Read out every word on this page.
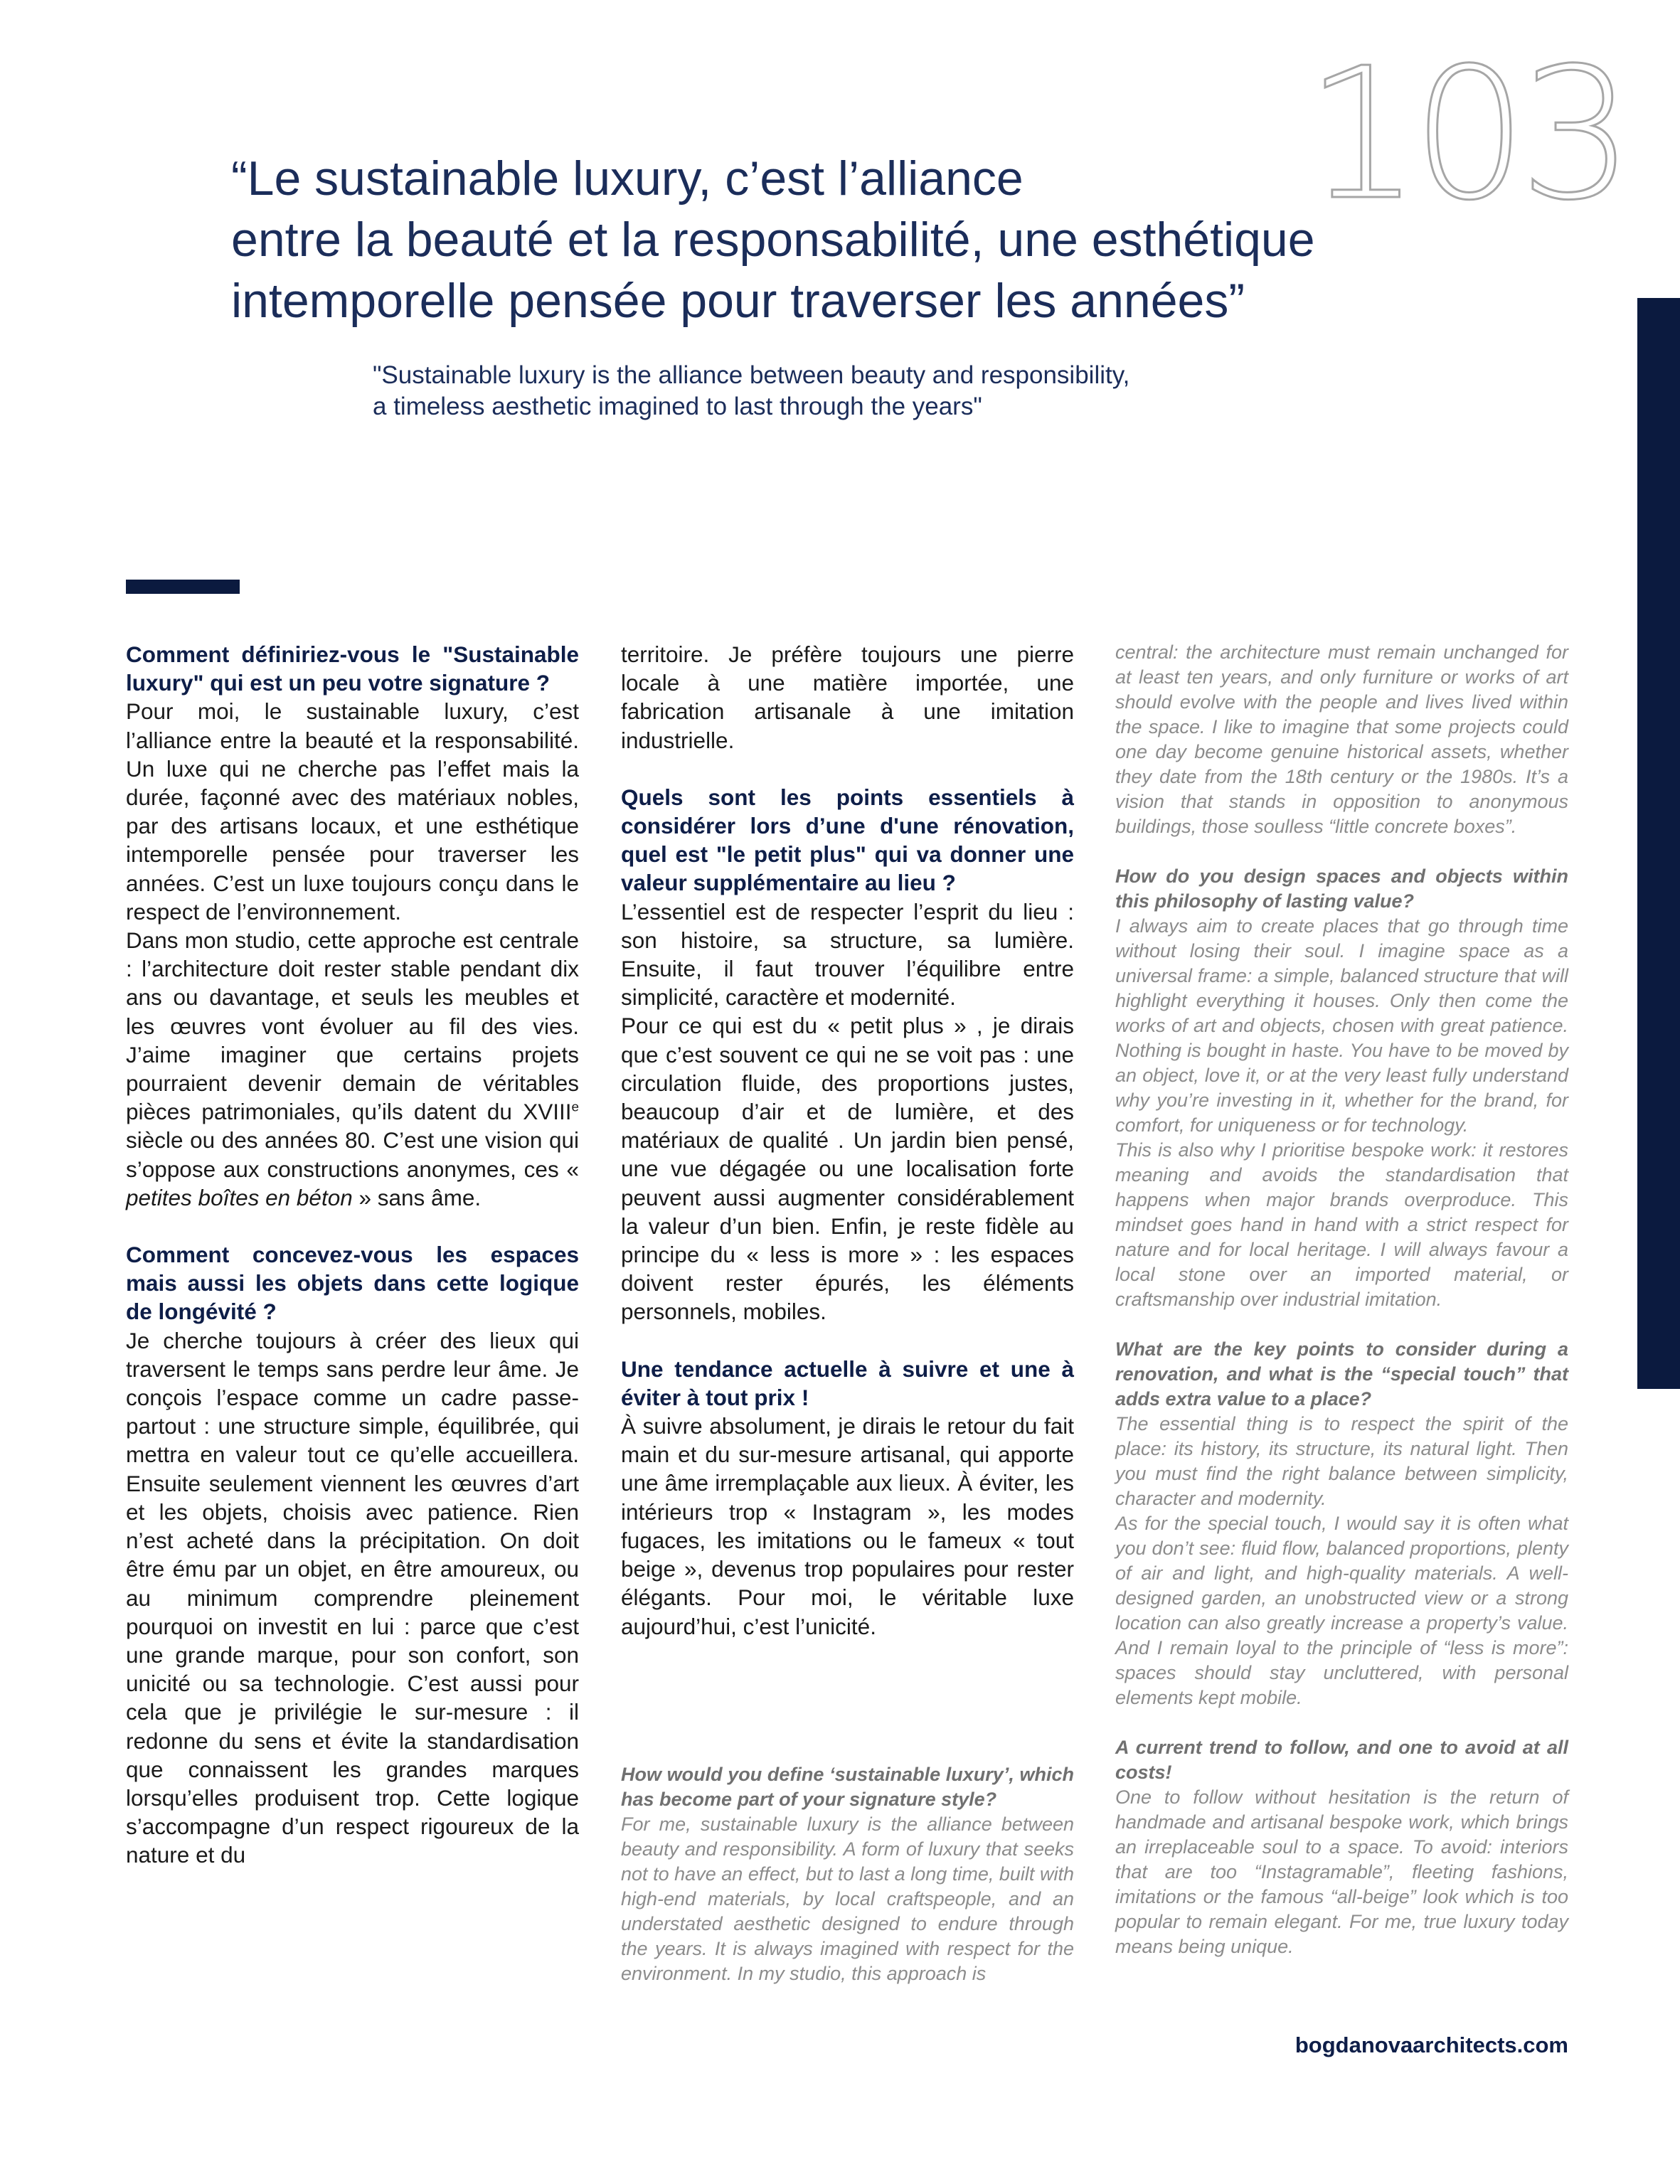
103
“Le sustainable luxury, c’est l’alliance
entre la beauté et la responsabilité, une esthétique
intemporelle pensée pour traverser les années”
"Sustainable luxury is the alliance between beauty and responsibility,
a timeless aesthetic imagined to last through the years"
Comment définiriez-vous le "Sustainable luxury" qui est un peu votre signature ?

Pour moi, le sustainable luxury, c’est l’alliance entre la beauté et la responsabilité. Un luxe qui ne cherche pas l’effet mais la durée, façonné avec des matériaux nobles, par des artisans locaux, et une esthétique intemporelle pensée pour traverser les années. C’est un luxe toujours conçu dans le respect de l’environnement.

Dans mon studio, cette approche est centrale : l’architecture doit rester stable pendant dix ans ou davantage, et seuls les meubles et les œuvres vont évoluer au fil des vies. J’aime imaginer que certains projets pourraient devenir demain de véritables pièces patrimoniales, qu’ils datent du XVIIIe siècle ou des années 80. C’est une vision qui s’oppose aux constructions anonymes, ces « petites boîtes en béton » sans âme.

Comment concevez-vous les espaces mais aussi les objets dans cette logique de longévité ?

Je cherche toujours à créer des lieux qui traversent le temps sans perdre leur âme. Je conçois l’espace comme un cadre passe-partout : une structure simple, équilibrée, qui mettra en valeur tout ce qu’elle accueillera. Ensuite seulement viennent les œuvres d’art et les objets, choisis avec patience. Rien n’est acheté dans la précipitation. On doit être ému par un objet, en être amoureux, ou au minimum comprendre pleinement pourquoi on investit en lui : parce que c’est une grande marque, pour son confort, son unicité ou sa technologie. C’est aussi pour cela que je privilégie le sur-mesure : il redonne du sens et évite la standardisation que connaissent les grandes marques lorsqu’elles produisent trop. Cette logique s’accompagne d’un respect rigoureux de la nature et du

territoire. Je préfère toujours une pierre locale à une matière importée, une fabrication artisanale à une imitation industrielle.

Quels sont les points essentiels à considérer lors d’une d'une rénovation, quel est "le petit plus" qui va donner une valeur supplémentaire au lieu ?

L’essentiel est de respecter l’esprit du lieu : son histoire, sa structure, sa lumière. Ensuite, il faut trouver l’équilibre entre simplicité, caractère et modernité.

Pour ce qui est du « petit plus » , je dirais que c’est souvent ce qui ne se voit pas : une circulation fluide, des proportions justes, beaucoup d’air et de lumière, et des matériaux de qualité . Un jardin bien pensé, une vue dégagée ou une localisation forte peuvent aussi augmenter considérablement la valeur d’un bien. Enfin, je reste fidèle au principe du « less is more » : les espaces doivent rester épurés, les éléments personnels, mobiles.

Une tendance actuelle à suivre et une à éviter à tout prix !

À suivre absolument, je dirais le retour du fait main et du sur-mesure artisanal, qui apporte une âme irremplaçable aux lieux. À éviter, les intérieurs trop « Instagram », les modes fugaces, les imitations ou le fameux « tout beige », devenus trop populaires pour rester élégants. Pour moi, le véritable luxe aujourd’hui, c’est l’unicité.

How would you define ‘sustainable luxury’, which has become part of your signature style?

For me, sustainable luxury is the alliance between beauty and responsibility. A form of luxury that seeks not to have an effect, but to last a long time, built with high-end materials, by local craftspeople, and an understated aesthetic designed to endure through the years. It is always imagined with respect for the environment. In my studio, this approach is

central: the architecture must remain unchanged for at least ten years, and only furniture or works of art should evolve with the people and lives lived within the space. I like to imagine that some projects could one day become genuine historical assets, whether they date from the 18th century or the 1980s. It’s a vision that stands in opposition to anonymous buildings, those soulless “little concrete boxes”.

How do you design spaces and objects within this philosophy of lasting value?

I always aim to create places that go through time without losing their soul. I imagine space as a universal frame: a simple, balanced structure that will highlight everything it houses. Only then come the works of art and objects, chosen with great patience. Nothing is bought in haste. You have to be moved by an object, love it, or at the very least fully understand why you’re investing in it, whether for the brand, for comfort, for uniqueness or for technology.

This is also why I prioritise bespoke work: it restores meaning and avoids the standardisation that happens when major brands overproduce. This mindset goes hand in hand with a strict respect for nature and for local heritage. I will always favour a local stone over an imported material, or craftsmanship over industrial imitation.

What are the key points to consider during a renovation, and what is the “special touch” that adds extra value to a place?

The essential thing is to respect the spirit of the place: its history, its structure, its natural light. Then you must find the right balance between simplicity, character and modernity.

As for the special touch, I would say it is often what you don’t see: fluid flow, balanced proportions, plenty of air and light, and high-quality materials. A well-designed garden, an unobstructed view or a strong location can also greatly increase a property’s value. And I remain loyal to the principle of “less is more”: spaces should stay uncluttered, with personal elements kept mobile.

A current trend to follow, and one to avoid at all costs!

One to follow without hesitation is the return of handmade and artisanal bespoke work, which brings an irreplaceable soul to a space. To avoid: interiors that are too “Instagramable”, fleeting fashions, imitations or the famous “all-beige” look which is too popular to remain elegant. For me, true luxury today means being unique.

bogdanovaarchitects.com
